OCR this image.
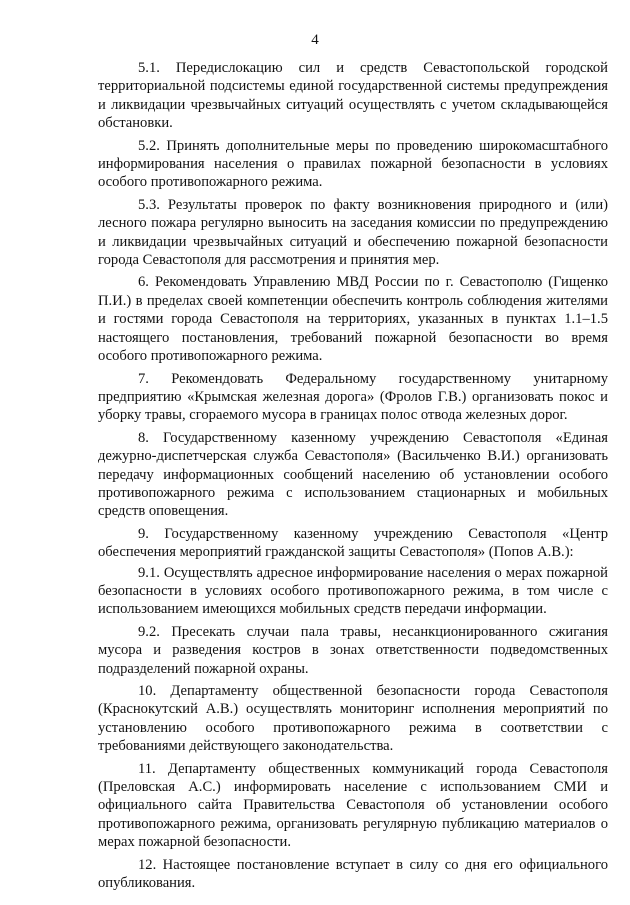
4

5.1. Передислокацию сил и средств Севастопольской городской территориальной подсистемы единой государственной системы предупреждения и ликвидации чрезвычайных ситуаций осуществлять с учетом складывающейся обстановки.

5.2. Принять дополнительные меры по проведению широкомасштабного информирования населения о правилах пожарной безопасности в условиях особого противопожарного режима.

5.3. Результаты проверок по факту возникновения природного и (или) лесного пожара регулярно выносить на заседания комиссии по предупреждению и ликвидации чрезвычайных ситуаций и обеспечению пожарной безопасности города Севастополя для рассмотрения и принятия мер.

6. Рекомендовать Управлению МВД России по г. Севастополю (Гищенко П.И.) в пределах своей компетенции обеспечить контроль соблюдения жителями и гостями города Севастополя на территориях, указанных в пунктах 1.1–1.5 настоящего постановления, требований пожарной безопасности во время особого противопожарного режима.

7. Рекомендовать Федеральному государственному унитарному предприятию «Крымская железная дорога» (Фролов Г.В.) организовать покос и уборку травы, сгораемого мусора в границах полос отвода железных дорог.

8. Государственному казенному учреждению Севастополя «Единая дежурно-диспетчерская служба Севастополя» (Васильченко В.И.) организовать передачу информационных сообщений населению об установлении особого противопожарного режима с использованием стационарных и мобильных средств оповещения.

9. Государственному казенному учреждению Севастополя «Центр обеспечения мероприятий гражданской защиты Севастополя» (Попов А.В.):

9.1. Осуществлять адресное информирование населения о мерах пожарной безопасности в условиях особого противопожарного режима, в том числе с использованием имеющихся мобильных средств передачи информации.

9.2. Пресекать случаи пала травы, несанкционированного сжигания мусора и разведения костров в зонах ответственности подведомственных подразделений пожарной охраны.

10. Департаменту общественной безопасности города Севастополя (Краснокутский А.В.) осуществлять мониторинг исполнения мероприятий по установлению особого противопожарного режима в соответствии с требованиями действующего законодательства.

11. Департаменту общественных коммуникаций города Севастополя (Преловская А.С.) информировать население с использованием СМИ и официального сайта Правительства Севастополя об установлении особого противопожарного режима, организовать регулярную публикацию материалов о мерах пожарной безопасности.

12. Настоящее постановление вступает в силу со дня его официального опубликования.
